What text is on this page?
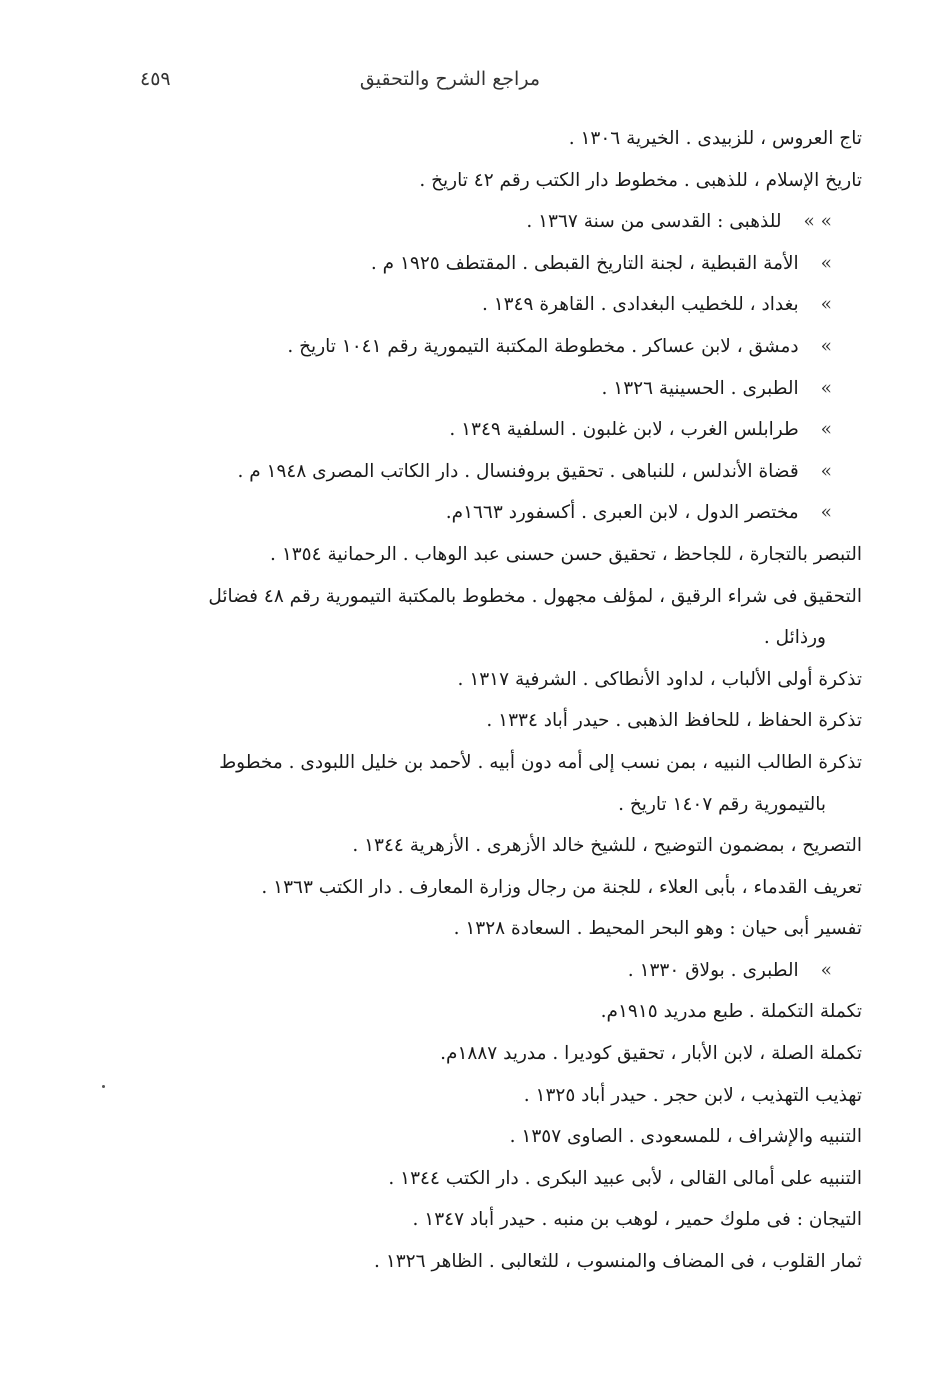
مراجع الشرح والتحقيق
٤٥٩
تاج العروس ، للزبيدى . الخيرية ١٣٠٦ .
تاريخ الإسلام ، للذهبى . مخطوط دار الكتب رقم ٤٢ تاريخ .
» »للذهبى : القدسى من سنة ١٣٦٧ .
»الأمة القبطية ، لجنة التاريخ القبطى . المقتطف ١٩٢٥ م .
»بغداد ، للخطيب البغدادى . القاهرة ١٣٤٩ .
»دمشق ، لابن عساكر . مخطوطة المكتبة التيمورية رقم ١٠٤١ تاريخ .
»الطبرى . الحسينية ١٣٢٦ .
»طرابلس الغرب ، لابن غلبون . السلفية ١٣٤٩ .
»قضاة الأندلس ، للنباهى . تحقيق بروفنسال . دار الكاتب المصرى ١٩٤٨ م .
»مختصر الدول ، لابن العبرى . أكسفورد ١٦٦٣م.
التبصر بالتجارة ، للجاحظ ، تحقيق حسن حسنى عبد الوهاب . الرحمانية ١٣٥٤ .
التحقيق فى شراء الرقيق ، لمؤلف مجهول . مخطوط بالمكتبة التيمورية رقم ٤٨ فضائل
ورذائل .
تذكرة أولى الألباب ، لداود الأنطاكى . الشرفية ١٣١٧ .
تذكرة الحفاظ ، للحافظ الذهبى . حيدر أباد ١٣٣٤ .
تذكرة الطالب النبيه ، بمن نسب إلى أمه دون أبيه . لأحمد بن خليل اللبودى . مخطوط
بالتيمورية رقم ١٤٠٧ تاريخ .
التصريح ، بمضمون التوضيح ، للشيخ خالد الأزهرى . الأزهرية ١٣٤٤ .
تعريف القدماء ، بأبى العلاء ، للجنة من رجال وزارة المعارف . دار الكتب ١٣٦٣ .
تفسير أبى حيان : وهو البحر المحيط . السعادة ١٣٢٨ .
»الطبرى . بولاق ١٣٣٠ .
تكملة التكملة . طبع مدريد ١٩١٥م.
تكملة الصلة ، لابن الأبار ، تحقيق كوديرا . مدريد ١٨٨٧م.
تهذيب التهذيب ، لابن حجر . حيدر أباد ١٣٢٥ .
التنبيه والإشراف ، للمسعودى . الصاوى ١٣٥٧ .
التنبيه على أمالى القالى ، لأبى عبيد البكرى . دار الكتب ١٣٤٤ .
التيجان : فى ملوك حمير ، لوهب بن منبه . حيدر أباد ١٣٤٧ .
ثمار القلوب ، فى المضاف والمنسوب ، للثعالبى . الظاهر ١٣٢٦ .
